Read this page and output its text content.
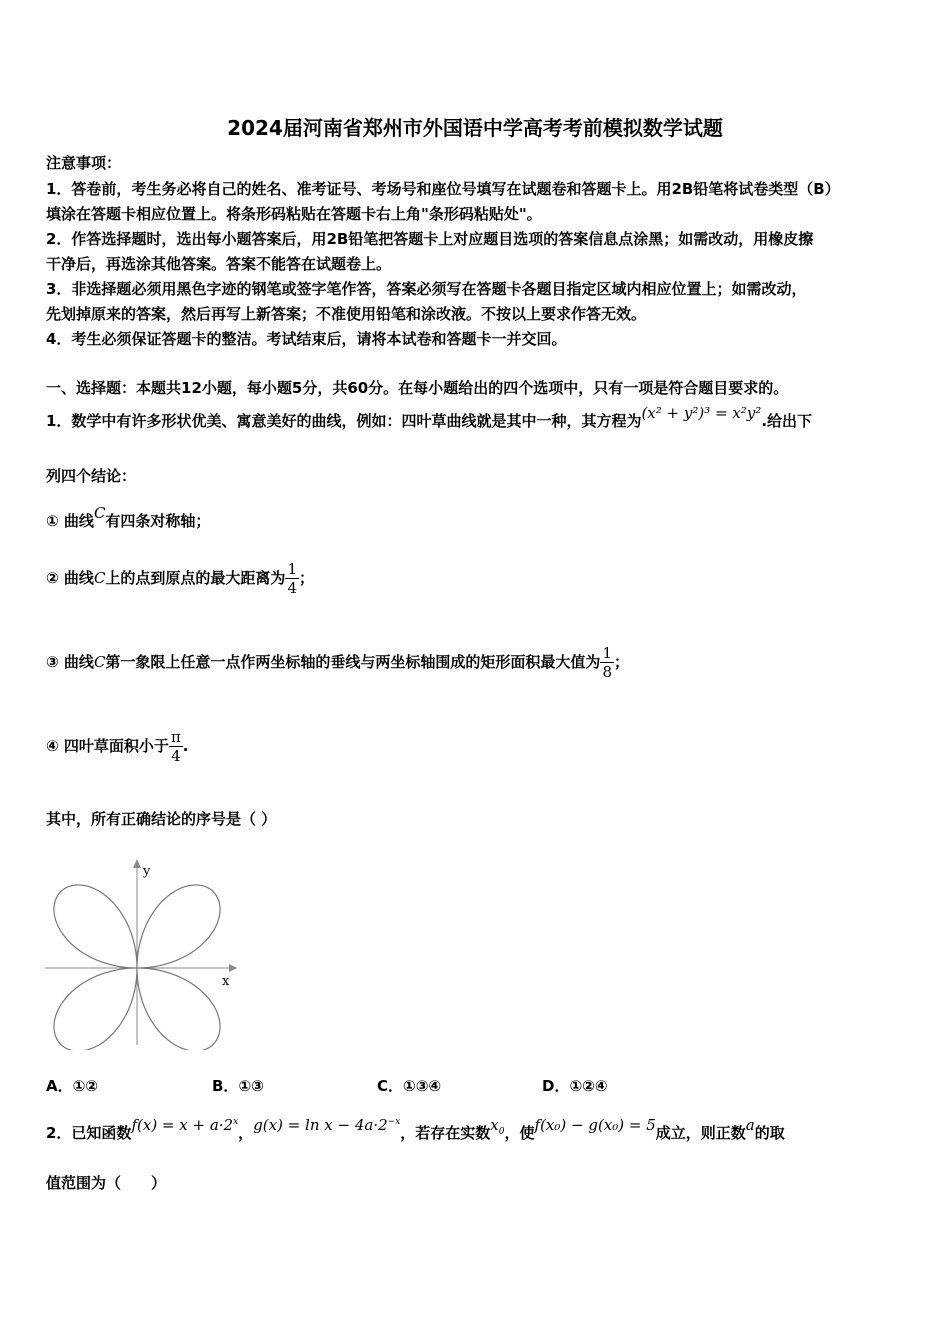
2024届河南省郑州市外国语中学高考考前模拟数学试题
注意事项：
1．答卷前，考生务必将自己的姓名、准考证号、考场号和座位号填写在试题卷和答题卡上。用2B铅笔将试卷类型（B）
填涂在答题卡相应位置上。将条形码粘贴在答题卡右上角"条形码粘贴处"。
2．作答选择题时，选出每小题答案后，用2B铅笔把答题卡上对应题目选项的答案信息点涂黑；如需改动，用橡皮擦
干净后，再选涂其他答案。答案不能答在试题卷上。
3．非选择题必须用黑色字迹的钢笔或签字笔作答，答案必须写在答题卡各题目指定区域内相应位置上；如需改动，
先划掉原来的答案，然后再写上新答案；不准使用铅笔和涂改液。不按以上要求作答无效。
4．考生必须保证答题卡的整洁。考试结束后，请将本试卷和答题卡一并交回。
一、选择题：本题共12小题，每小题5分，共60分。在每小题给出的四个选项中，只有一项是符合题目要求的。
1．数学中有许多形状优美、寓意美好的曲线，例如：四叶草曲线就是其中一种，其方程为(x² + y²)³ = x²y².给出下
列四个结论：
① 曲线C有四条对称轴；
② 曲线C上的点到原点的最大距离为 $\frac{1}{4}$ ；
③ 曲线C第一象限上任意一点作两坐标轴的垂线与两坐标轴围成的矩形面积最大值为 $\frac{1}{8}$ ；
④ 四叶草面积小于 $\frac{\pi}{4}$ .
其中，所有正确结论的序号是（ ）
x
y
A．①②	B．①③	C．①③④	D．①②④
2．已知函数$f(x) = x + a\cdot 2^x$，$g(x) = \ln x - 4a\cdot 2^{-x}$，若存在实数$x_0$，使f(x₀) − g(x₀) = 5成立，则正数a的取
值范围为（　　）
